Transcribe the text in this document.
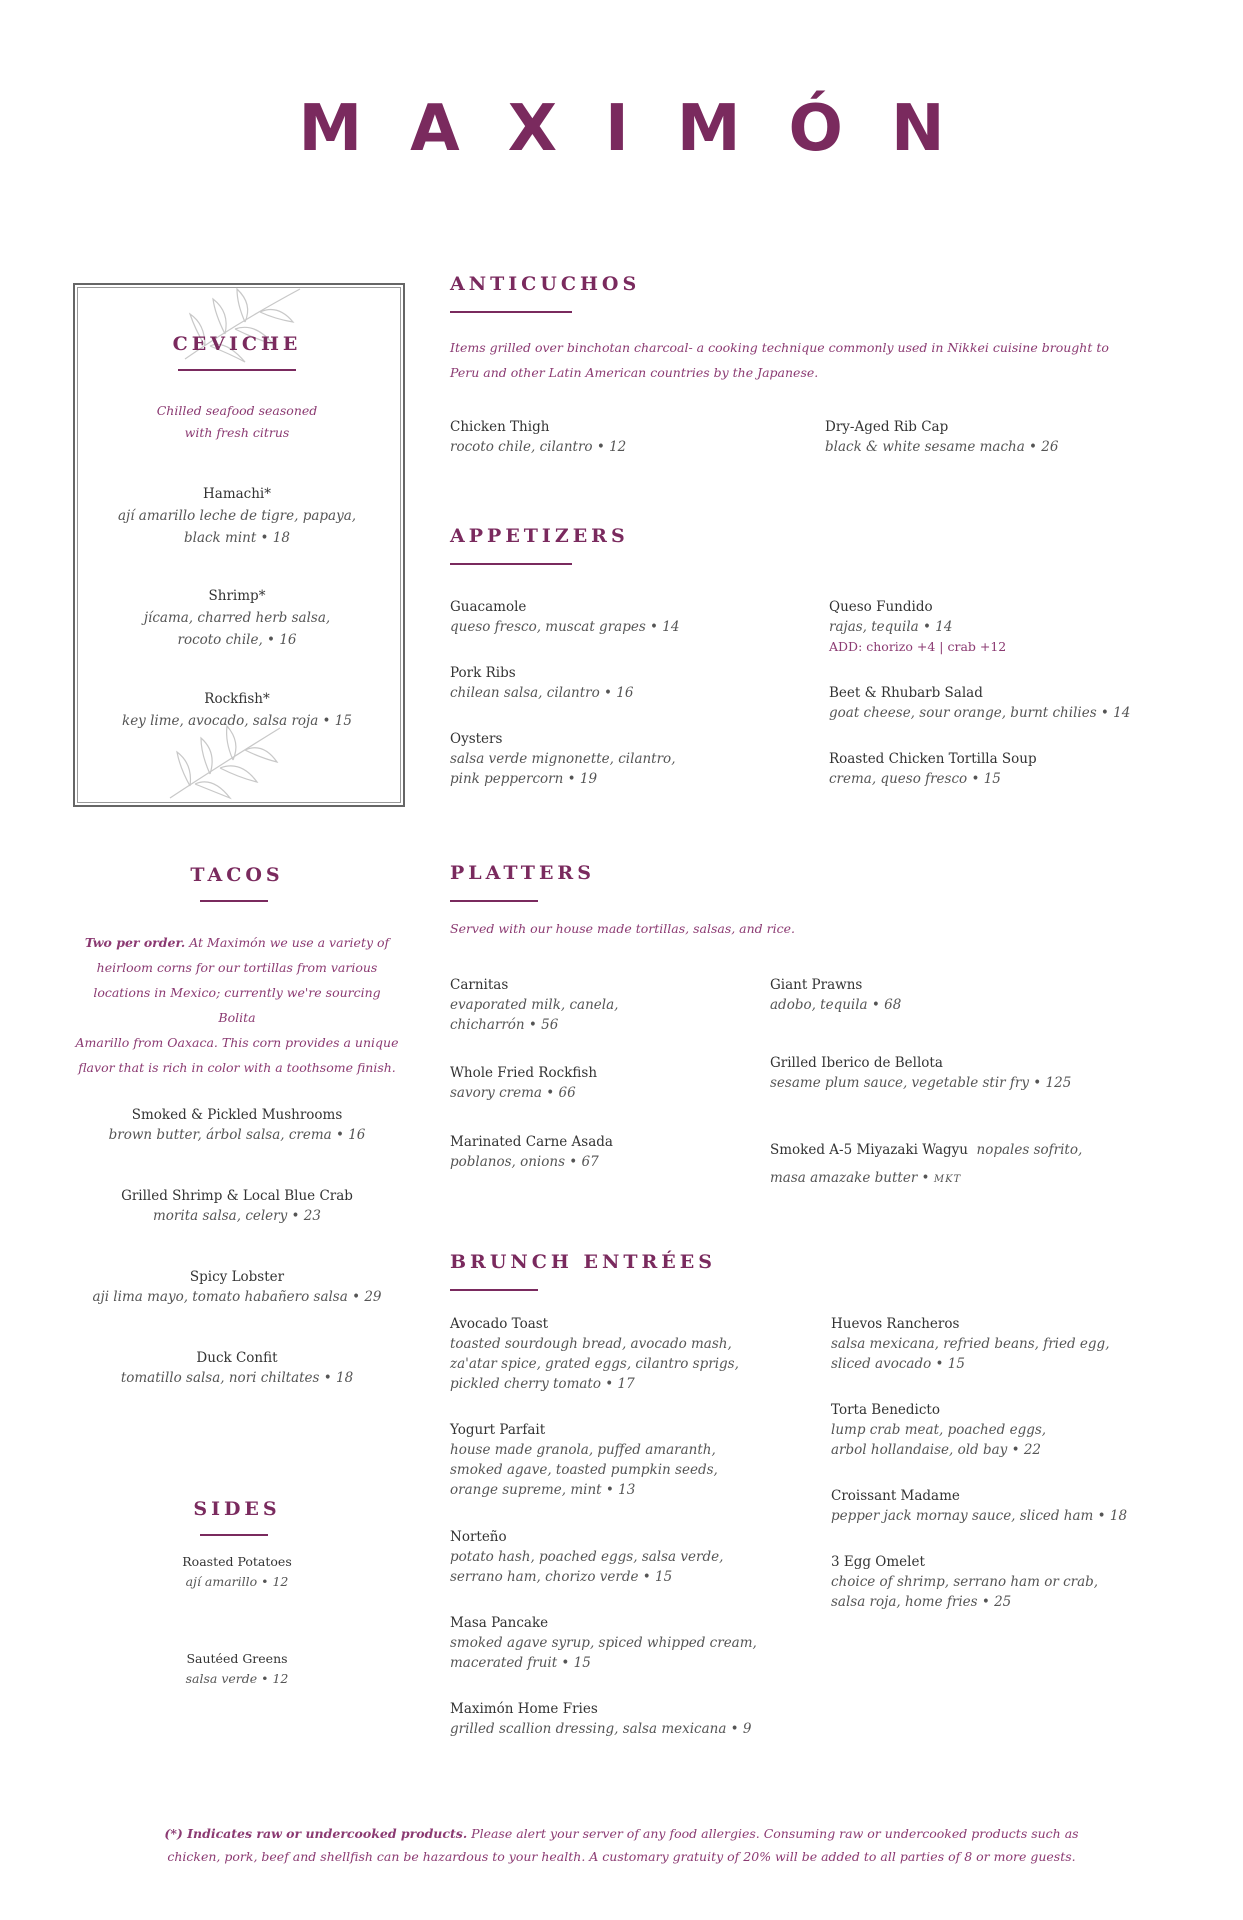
MAXIMÓN
CEVICHE
Chilled seafood seasoned
with fresh citrus
Hamachi*
ají amarillo leche de tigre, papaya,
black mint • 18
Shrimp*
jícama, charred herb salsa,
rocoto chile, • 16
Rockfish*
key lime, avocado, salsa roja • 15
ANTICUCHOS
Items grilled over binchotan charcoal- a cooking technique commonly used in Nikkei cuisine brought to
Peru and other Latin American countries by the Japanese.
Chicken Thigh
rocoto chile, cilantro • 12
Dry-Aged Rib Cap
black & white sesame macha • 26
APPETIZERS
Guacamole
queso fresco, muscat grapes • 14
Pork Ribs
chilean salsa, cilantro • 16
Oysters
salsa verde mignonette, cilantro,
pink peppercorn • 19
Queso Fundido
rajas, tequila • 14
ADD: chorizo +4 | crab +12
Beet & Rhubarb Salad
goat cheese, sour orange, burnt chilies • 14
Roasted Chicken Tortilla Soup
crema, queso fresco • 15
TACOS
Two per order. At Maximón we use a variety of
heirloom corns for our tortillas from various
locations in Mexico; currently we're sourcing Bolita
Amarillo from Oaxaca. This corn provides a unique
flavor that is rich in color with a toothsome finish.
Smoked & Pickled Mushrooms
brown butter, árbol salsa, crema • 16
Grilled Shrimp & Local Blue Crab
morita salsa, celery • 23
Spicy Lobster
aji lima mayo, tomato habañero salsa • 29
Duck Confit
tomatillo salsa, nori chiltates • 18
PLATTERS
Served with our house made tortillas, salsas, and rice.
Carnitas
evaporated milk, canela,
chicharrón • 56
Whole Fried Rockfish
savory crema • 66
Marinated Carne Asada
poblanos, onions • 67
Giant Prawns
adobo, tequila • 68
Grilled Iberico de Bellota
sesame plum sauce, vegetable stir fry • 125
Smoked A-5 Miyazaki Wagyu nopales sofrito,
masa amazake butter • MKT
BRUNCH ENTRÉES
Avocado Toast
toasted sourdough bread, avocado mash,
za'atar spice, grated eggs, cilantro sprigs,
pickled cherry tomato • 17
Yogurt Parfait
house made granola, puffed amaranth,
smoked agave, toasted pumpkin seeds,
orange supreme, mint • 13
Norteño
potato hash, poached eggs, salsa verde,
serrano ham, chorizo verde • 15
Masa Pancake
smoked agave syrup, spiced whipped cream,
macerated fruit • 15
Maximón Home Fries
grilled scallion dressing, salsa mexicana • 9
Huevos Rancheros
salsa mexicana, refried beans, fried egg,
sliced avocado • 15
Torta Benedicto
lump crab meat, poached eggs,
arbol hollandaise, old bay • 22
Croissant Madame
pepper jack mornay sauce, sliced ham • 18
3 Egg Omelet
choice of shrimp, serrano ham or crab,
salsa roja, home fries • 25
SIDES
Roasted Potatoes
ají amarillo • 12
Sautéed Greens
salsa verde • 12
(*) Indicates raw or undercooked products. Please alert your server of any food allergies. Consuming raw or undercooked products such as
chicken, pork, beef and shellfish can be hazardous to your health. A customary gratuity of 20% will be added to all parties of 8 or more guests.
